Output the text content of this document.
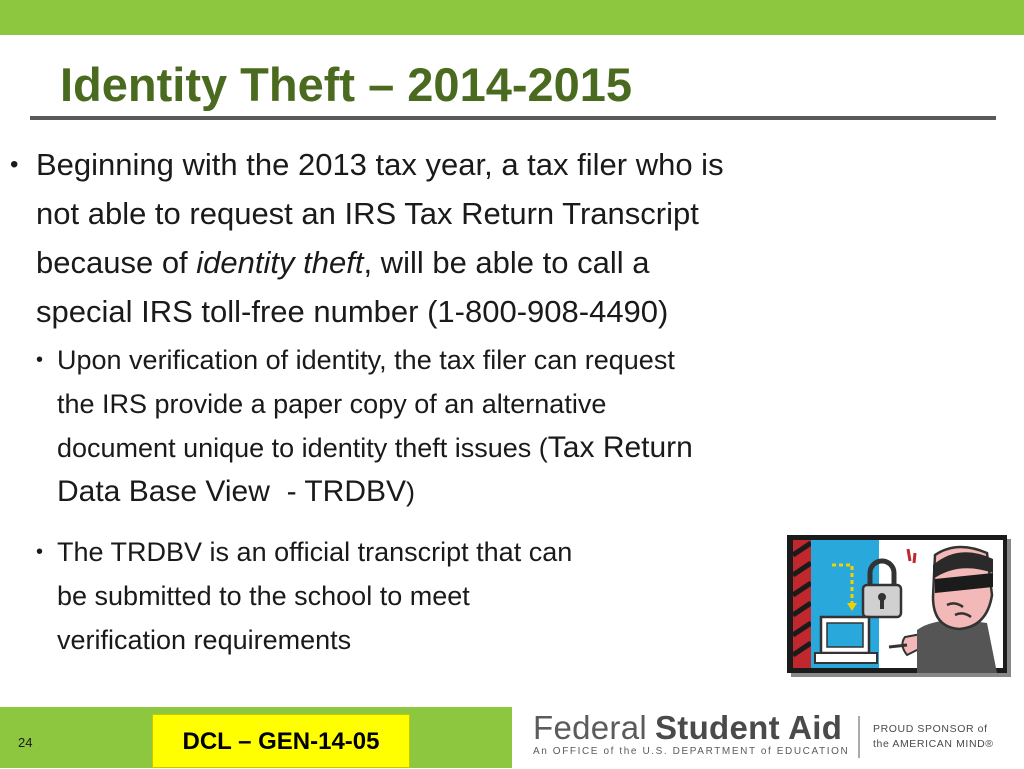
Identity Theft – 2014-2015
• Beginning with the 2013 tax year, a tax filer who is
not able to request an IRS Tax Return Transcript
because of identity theft, will be able to call a
special IRS toll-free number (1-800-908-4490)
• Upon verification of identity, the tax filer can request
the IRS provide a paper copy of an alternative
document unique to identity theft issues (Tax Return
Data Base View  - TRDBV)
• The TRDBV is an official transcript that can
be submitted to the school to meet
verification requirements
24	DCL – GEN-14-05	Federal Student Aid
An OFFICE of the U.S. DEPARTMENT of EDUCATION
PROUD SPONSOR of
the AMERICAN MIND®
